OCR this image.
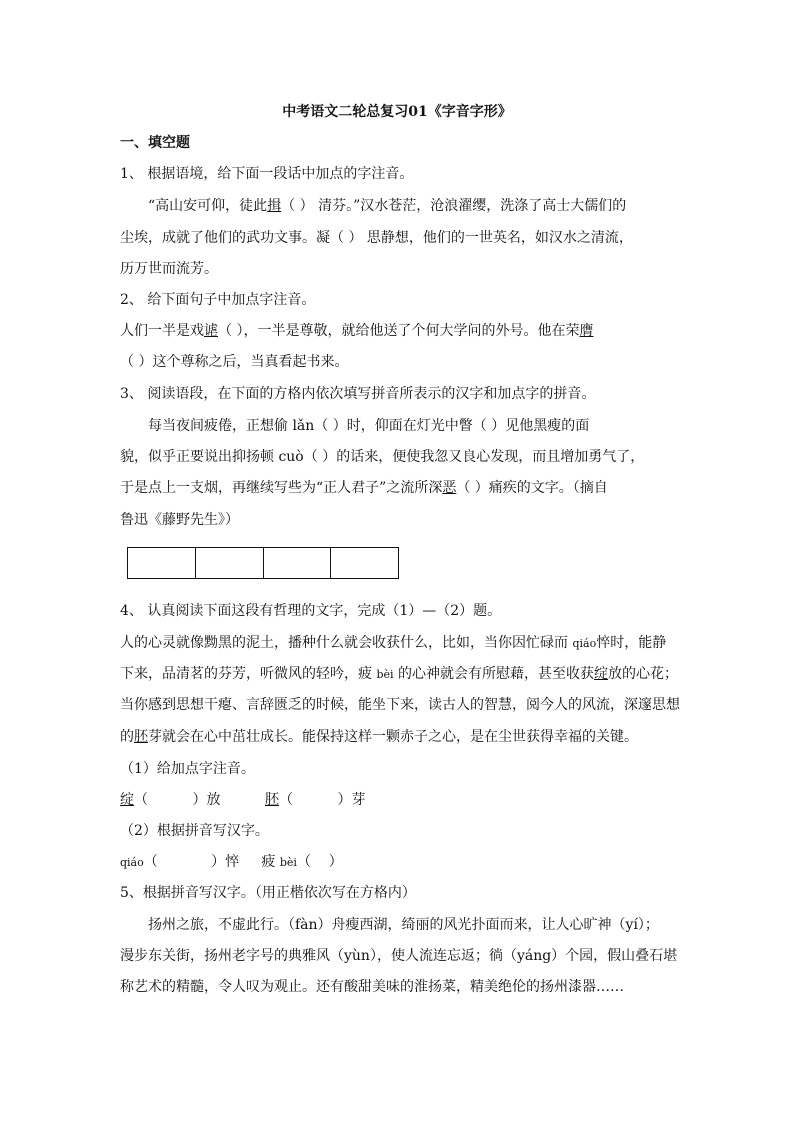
中考语文二轮总复习01《字音字形》
一、填空题
1、 根据语境，给下面一段话中加点的字注音。
“高山安可仰，徒此揖（ ） 清芬。”汉水苍茫，沧浪濯缨，洗涤了高士大儒们的
尘埃，成就了他们的武功文事。凝（ ） 思静想，他们的一世英名，如汉水之清流，
历万世而流芳。
2、 给下面句子中加点字注音。
人们一半是戏谑（ ），一半是尊敬，就给他送了个何大学问的外号。他在荣膺
（ ）这个尊称之后，当真看起书来。
3、 阅读语段，在下面的方格内依次填写拼音所表示的汉字和加点字的拼音。
每当夜间疲倦，正想偷 lǎn（ ）时，仰面在灯光中瞥（ ）见他黑瘦的面
貌，似乎正要说出抑扬顿 cuò（ ）的话来，便使我忽又良心发现，而且增加勇气了，
于是点上一支烟，再继续写些为“正人君子”之流所深恶（ ）痛疾的文字。（摘自
鲁迅《藤野先生》）
4、 认真阅读下面这段有哲理的文字，完成（1）—（2）题。
人的心灵就像黝黑的泥土，播种什么就会收获什么，比如，当你因忙碌而 qiáo悴时，能静
下来，品清茗的芬芳，听微风的轻吟，疲 bèi 的心神就会有所慰藉，甚至收获绽放的心花；
当你感到思想干瘪、言辞匮乏的时候，能坐下来，读古人的智慧，阅今人的风流，深邃思想
的胚芽就会在心中茁壮成长。能保持这样一颗赤子之心，是在尘世获得幸福的关键。
（1）给加点字注音。
绽（          ）放          胚（          ）芽
（2）根据拼音写汉字。
qiáo（            ）悴     疲 bèi（    ）
5、根据拼音写汉字。（用正楷依次写在方格内）
扬州之旅，不虚此行。（fàn）舟瘦西湖，绮丽的风光扑面而来，让人心旷神（yí）；
漫步东关街，扬州老字号的典雅风（yùn），使人流连忘返；徜（yáng）个园，假山叠石堪
称艺术的精髓，令人叹为观止。还有酸甜美味的淮扬菜，精美绝伦的扬州漆器……
